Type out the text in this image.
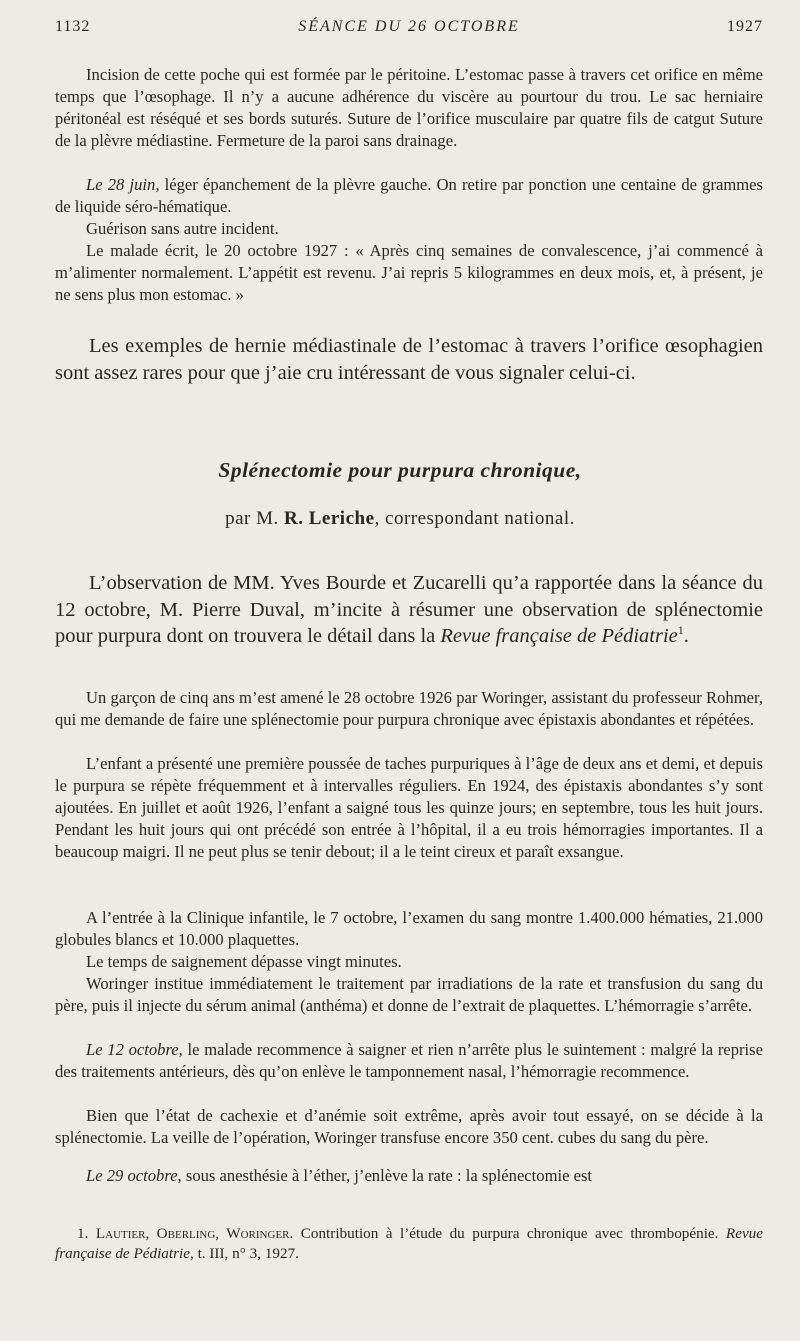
1132	SÉANCE DU 26 OCTOBRE	1927

Incision de cette poche qui est formée par le péritoine. L’estomac passe à travers cet orifice en même temps que l’œsophage. Il n’y a aucune adhérence du viscère au pourtour du trou. Le sac herniaire péritonéal est réséqué et ses bords suturés. Suture de l’orifice musculaire par quatre fils de catgut Suture de la plèvre médiastine. Fermeture de la paroi sans drainage.

Le 28 juin, léger épanchement de la plèvre gauche. On retire par ponction une centaine de grammes de liquide séro-hématique.

Guérison sans autre incident.

Le malade écrit, le 20 octobre 1927 : « Après cinq semaines de convalescence, j’ai commencé à m’alimenter normalement. L’appétit est revenu. J’ai repris 5 kilogrammes en deux mois, et, à présent, je ne sens plus mon estomac. »

Les exemples de hernie médiastinale de l’estomac à travers l’orifice œsophagien sont assez rares pour que j’aie cru intéressant de vous signaler celui-ci.

Splénectomie pour purpura chronique,
par M. R. Leriche, correspondant national.

L’observation de MM. Yves Bourde et Zucarelli qu’a rapportée dans la séance du 12 octobre, M. Pierre Duval, m’incite à résumer une observation de splénectomie pour purpura dont on trouvera le détail dans la Revue française de Pédiatrie$^1$.

Un garçon de cinq ans m’est amené le 28 octobre 1926 par Woringer, assistant du professeur Rohmer, qui me demande de faire une splénectomie pour purpura chronique avec épistaxis abondantes et répétées.

L’enfant a présenté une première poussée de taches purpuriques à l’âge de deux ans et demi, et depuis le purpura se répète fréquemment et à intervalles réguliers. En 1924, des épistaxis abondantes s’y sont ajoutées. En juillet et août 1926, l’enfant a saigné tous les quinze jours; en septembre, tous les huit jours. Pendant les huit jours qui ont précédé son entrée à l’hôpital, il a eu trois hémorragies importantes. Il a beaucoup maigri. Il ne peut plus se tenir debout; il a le teint cireux et paraît exsangue.

A l’entrée à la Clinique infantile, le 7 octobre, l’examen du sang montre 1.400.000 hématies, 21.000 globules blancs et 10.000 plaquettes.

Le temps de saignement dépasse vingt minutes.

Woringer institue immédiatement le traitement par irradiations de la rate et transfusion du sang du père, puis il injecte du sérum animal (anthéma) et donne de l’extrait de plaquettes. L’hémorragie s’arrête.

Le 12 octobre, le malade recommence à saigner et rien n’arrête plus le suintement : malgré la reprise des traitements antérieurs, dès qu’on enlève le tamponnement nasal, l’hémorragie recommence.

Bien que l’état de cachexie et d’anémie soit extrême, après avoir tout essayé, on se décide à la splénectomie. La veille de l’opération, Woringer transfuse encore 350 cent. cubes du sang du père.

Le 29 octobre, sous anesthésie à l’éther, j’enlève la rate : la splénectomie est

1. Lautier, Oberling, Woringer. Contribution à l’étude du purpura chronique avec thrombopénie. Revue française de Pédiatrie, t. III, n° 3, 1927.
